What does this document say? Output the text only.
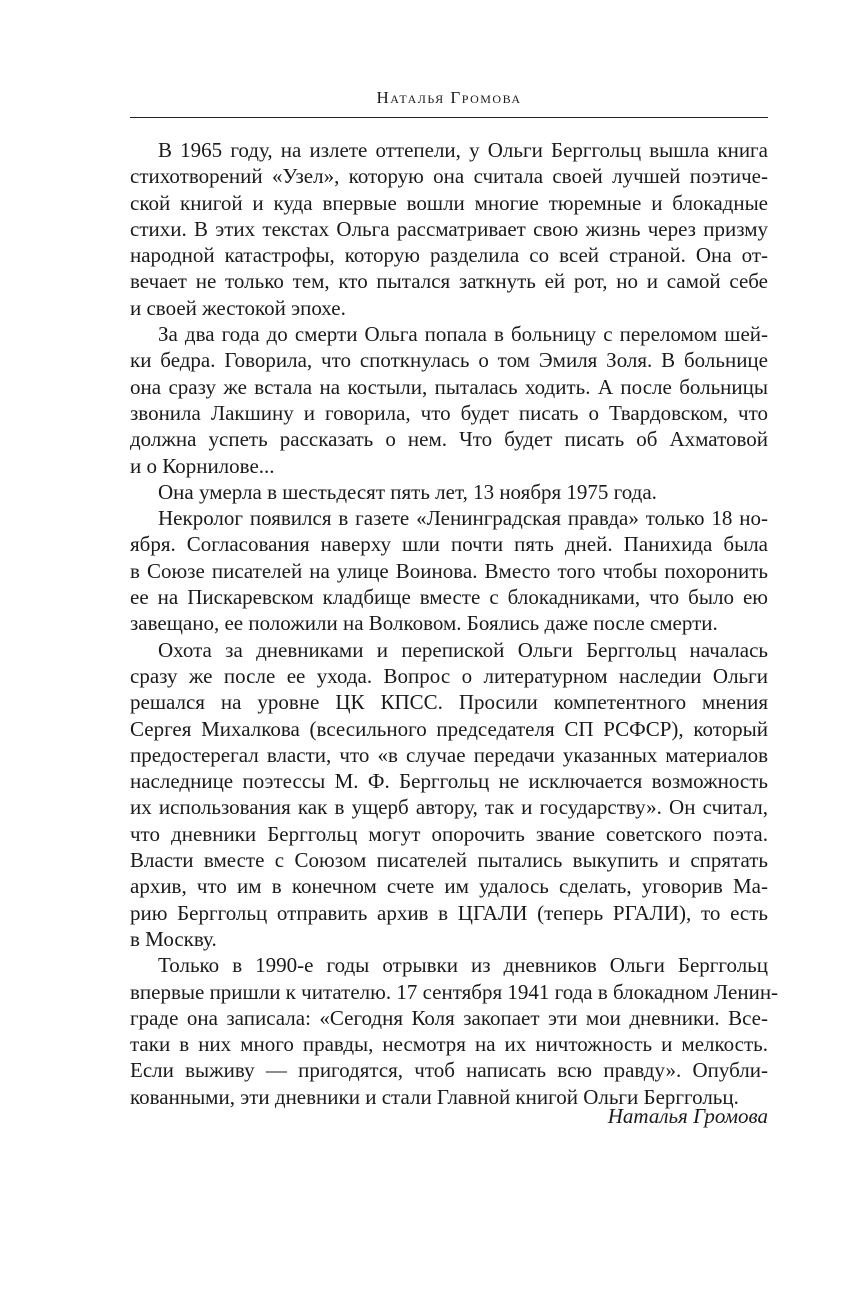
Наталья Громова
В 1965 году, на излете оттепели, у Ольги Берггольц вышла книга
стихотворений «Узел», которую она считала своей лучшей поэтиче-
ской книгой и куда впервые вошли многие тюремные и блокадные
стихи. В этих текстах Ольга рассматривает свою жизнь через призму
народной катастрофы, которую разделила со всей страной. Она от-
вечает не только тем, кто пытался заткнуть ей рот, но и самой себе
и своей жестокой эпохе.
За два года до смерти Ольга попала в больницу с переломом шей-
ки бедра. Говорила, что споткнулась о том Эмиля Золя. В больнице
она сразу же встала на костыли, пыталась ходить. А после больницы
звонила Лакшину и говорила, что будет писать о Твардовском, что
должна успеть рассказать о нем. Что будет писать об Ахматовой
и о Корнилове...
Она умерла в шестьдесят пять лет, 13 ноября 1975 года.
Некролог появился в газете «Ленинградская правда» только 18 но-
ября. Согласования наверху шли почти пять дней. Панихида была
в Союзе писателей на улице Воинова. Вместо того чтобы похоронить
ее на Пискаревском кладбище вместе с блокадниками, что было ею
завещано, ее положили на Волковом. Боялись даже после смерти.
Охота за дневниками и перепиской Ольги Берггольц началась
сразу же после ее ухода. Вопрос о литературном наследии Ольги
решался на уровне ЦК КПСС. Просили компетентного мнения
Сергея Михалкова (всесильного председателя СП РСФСР), который
предостерегал власти, что «в случае передачи указанных материалов
наследнице поэтессы М. Ф. Берггольц не исключается возможность
их использования как в ущерб автору, так и государству». Он считал,
что дневники Берггольц могут опорочить звание советского поэта.
Власти вместе с Союзом писателей пытались выкупить и спрятать
архив, что им в конечном счете им удалось сделать, уговорив Ма-
рию Берггольц отправить архив в ЦГАЛИ (теперь РГАЛИ), то есть
в Москву.
Только в 1990-е годы отрывки из дневников Ольги Берггольц
впервые пришли к читателю. 17 сентября 1941 года в блокадном Ленин-
граде она записала: «Сегодня Коля закопает эти мои дневники. Все-
таки в них много правды, несмотря на их ничтожность и мелкость.
Если выживу — пригодятся, чтоб написать всю правду». Опубли-
кованными, эти дневники и стали Главной книгой Ольги Берггольц.
Наталья Громова
